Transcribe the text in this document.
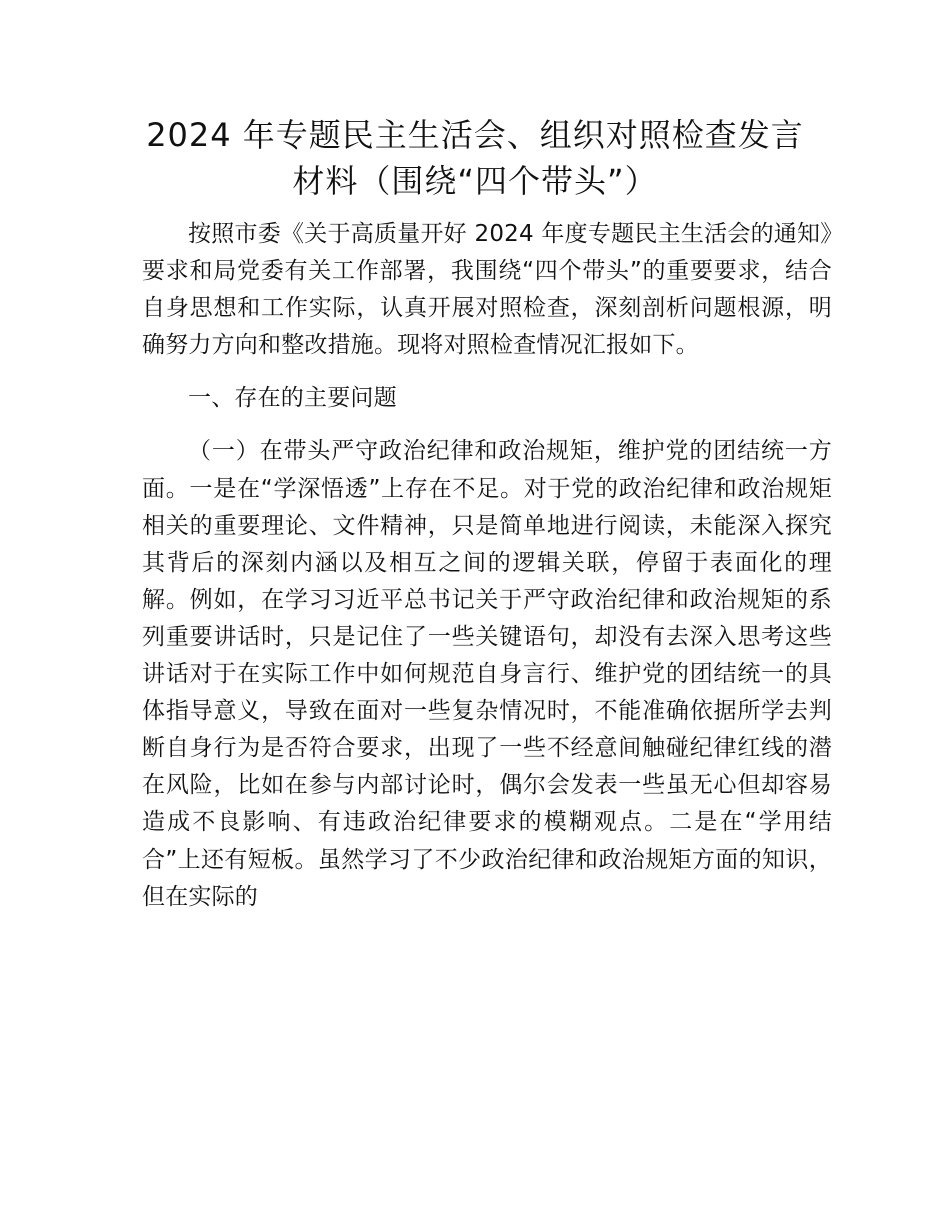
2024 年专题民主生活会、组织对照检查发言
材料（围绕“四个带头”）

按照市委《关于高质量开好 2024 年度专题民主生活会的通知》要求和局党委有关工作部署，我围绕“四个带头”的重要要求，结合自身思想和工作实际，认真开展对照检查，深刻剖析问题根源，明确努力方向和整改措施。现将对照检查情况汇报如下。

一、存在的主要问题

（一）在带头严守政治纪律和政治规矩，维护党的团结统一方面。一是在“学深悟透”上存在不足。对于党的政治纪律和政治规矩相关的重要理论、文件精神，只是简单地进行阅读，未能深入探究其背后的深刻内涵以及相互之间的逻辑关联，停留于表面化的理解。例如，在学习习近平总书记关于严守政治纪律和政治规矩的系列重要讲话时，只是记住了一些关键语句，却没有去深入思考这些讲话对于在实际工作中如何规范自身言行、维护党的团结统一的具体指导意义，导致在面对一些复杂情况时，不能准确依据所学去判断自身行为是否符合要求，出现了一些不经意间触碰纪律红线的潜在风险，比如在参与内部讨论时，偶尔会发表一些虽无心但却容易造成不良影响、有违政治纪律要求的模糊观点。二是在“学用结合”上还有短板。虽然学习了不少政治纪律和政治规矩方面的知识，但在实际的
